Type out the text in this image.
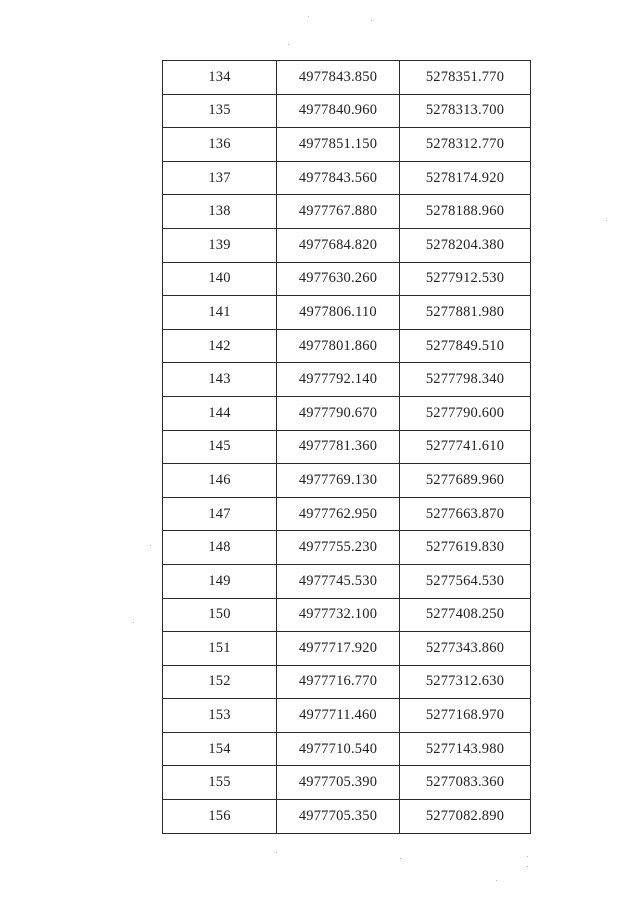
134	4977843.850	5278351.770
135	4977840.960	5278313.700
136	4977851.150	5278312.770
137	4977843.560	5278174.920
138	4977767.880	5278188.960
139	4977684.820	5278204.380
140	4977630.260	5277912.530
141	4977806.110	5277881.980
142	4977801.860	5277849.510
143	4977792.140	5277798.340
144	4977790.670	5277790.600
145	4977781.360	5277741.610
146	4977769.130	5277689.960
147	4977762.950	5277663.870
148	4977755.230	5277619.830
149	4977745.530	5277564.530
150	4977732.100	5277408.250
151	4977717.920	5277343.860
152	4977716.770	5277312.630
153	4977711.460	5277168.970
154	4977710.540	5277143.980
155	4977705.390	5277083.360
156	4977705.350	5277082.890
